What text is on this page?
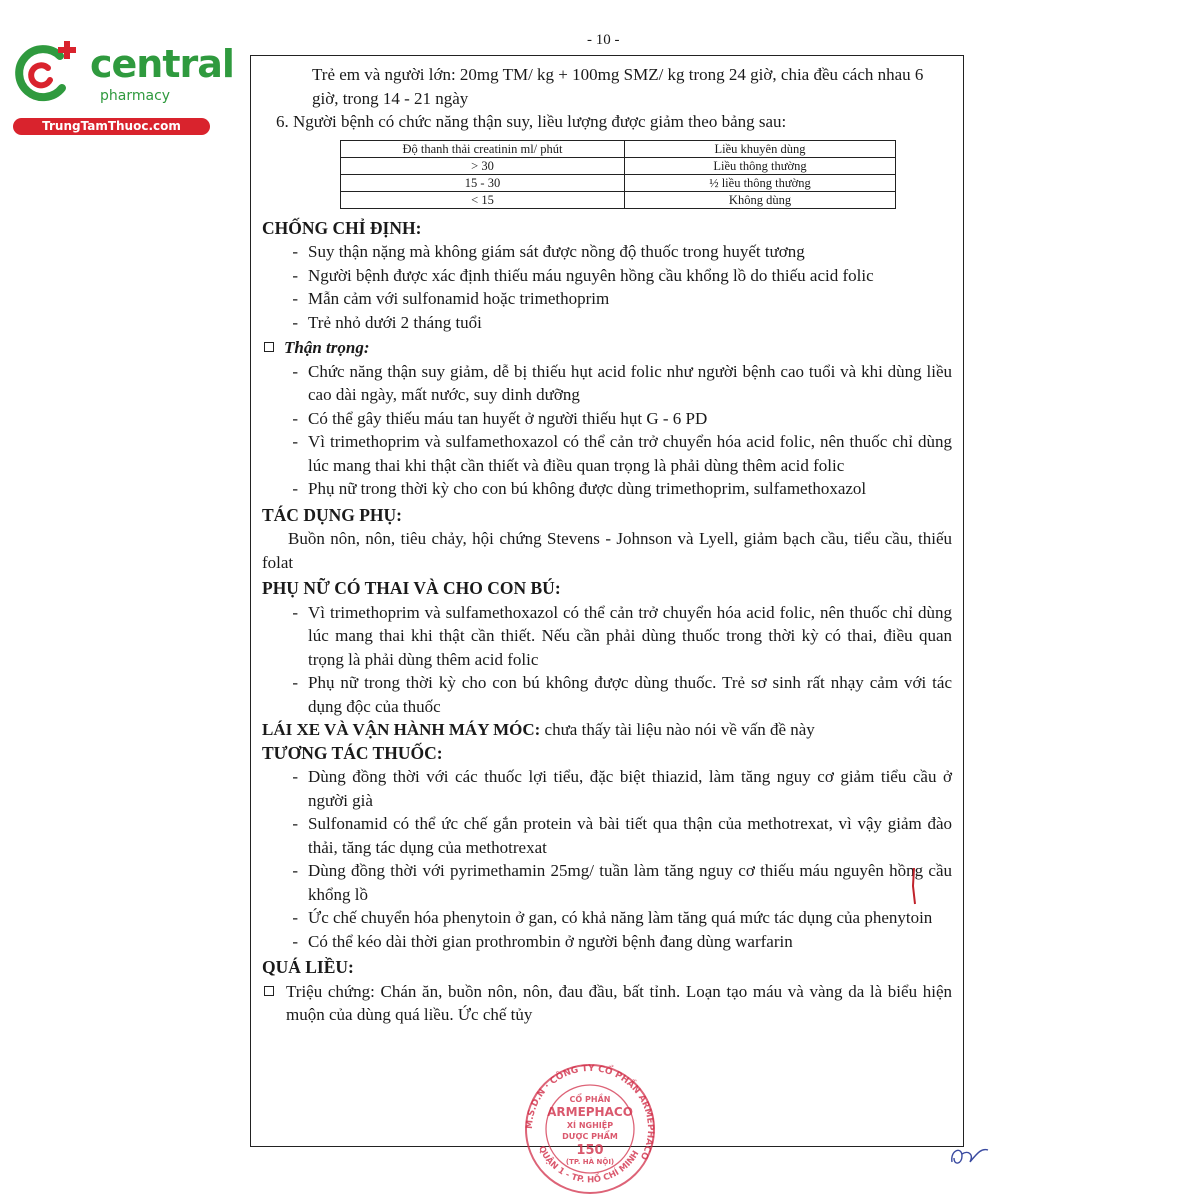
central
pharmacy
TrungTamThuoc.com
- 10 -

Trẻ em và người lớn: 20mg TM/ kg + 100mg SMZ/ kg trong 24 giờ, chia đều cách nhau 6 giờ, trong 14 - 21 ngày

6. Người bệnh có chức năng thận suy, liều lượng được giảm theo bảng sau:

Độ thanh thải creatinin ml/ phút	Liều khuyên dùng
> 30	Liều thông thường
15 - 30	½ liều thông thường
< 15	Không dùng
CHỐNG CHỈ ĐỊNH:
- Suy thận nặng mà không giám sát được nồng độ thuốc trong huyết tương
- Người bệnh được xác định thiếu máu nguyên hồng cầu khổng lồ do thiếu acid folic
- Mẫn cảm với sulfonamid hoặc trimethoprim
- Trẻ nhỏ dưới 2 tháng tuổi
Thận trọng:
- Chức năng thận suy giảm, dễ bị thiếu hụt acid folic như người bệnh cao tuổi và khi dùng liều cao dài ngày, mất nước, suy dinh dưỡng
- Có thể gây thiếu máu tan huyết ở người thiếu hụt G - 6 PD
- Vì trimethoprim và sulfamethoxazol có thể cản trở chuyển hóa acid folic, nên thuốc chỉ dùng lúc mang thai khi thật cần thiết và điều quan trọng là phải dùng thêm acid folic
- Phụ nữ trong thời kỳ cho con bú không được dùng trimethoprim, sulfamethoxazol
TÁC DỤNG PHỤ:

Buồn nôn, nôn, tiêu chảy, hội chứng Stevens - Johnson và Lyell, giảm bạch cầu, tiểu cầu, thiếu folat

PHỤ NỮ CÓ THAI VÀ CHO CON BÚ:
- Vì trimethoprim và sulfamethoxazol có thể cản trở chuyển hóa acid folic, nên thuốc chỉ dùng lúc mang thai khi thật cần thiết. Nếu cần phải dùng thuốc trong thời kỳ có thai, điều quan trọng là phải dùng thêm acid folic
- Phụ nữ trong thời kỳ cho con bú không được dùng thuốc. Trẻ sơ sinh rất nhạy cảm với tác dụng độc của thuốc

LÁI XE VÀ VẬN HÀNH MÁY MÓC: chưa thấy tài liệu nào nói về vấn đề này

TƯƠNG TÁC THUỐC:
- Dùng đồng thời với các thuốc lợi tiểu, đặc biệt thiazid, làm tăng nguy cơ giảm tiểu cầu ở người già
- Sulfonamid có thể ức chế gắn protein và bài tiết qua thận của methotrexat, vì vậy giảm đào thải, tăng tác dụng của methotrexat
- Dùng đồng thời với pyrimethamin 25mg/ tuần làm tăng nguy cơ thiếu máu nguyên hồng cầu khổng lồ
- Ức chế chuyển hóa phenytoin ở gan, có khả năng làm tăng quá mức tác dụng của phenytoin
- Có thể kéo dài thời gian prothrombin ở người bệnh đang dùng warfarin
QUÁ LIỀU:
Triệu chứng: Chán ăn, buồn nôn, nôn, đau đầu, bất tỉnh. Loạn tạo máu và vàng da là biểu hiện muộn của dùng quá liều. Ức chế tủy
M.S.D.N · CÔNG TY CỔ PHẦN ARMEPHACO
CỔ PHẦN
ARMEPHACO
XÍ NGHIỆP
DƯỢC PHẨM
150
(TP. HÀ NỘI)
QUẬN 1 - TP. HỒ CHÍ MINH
